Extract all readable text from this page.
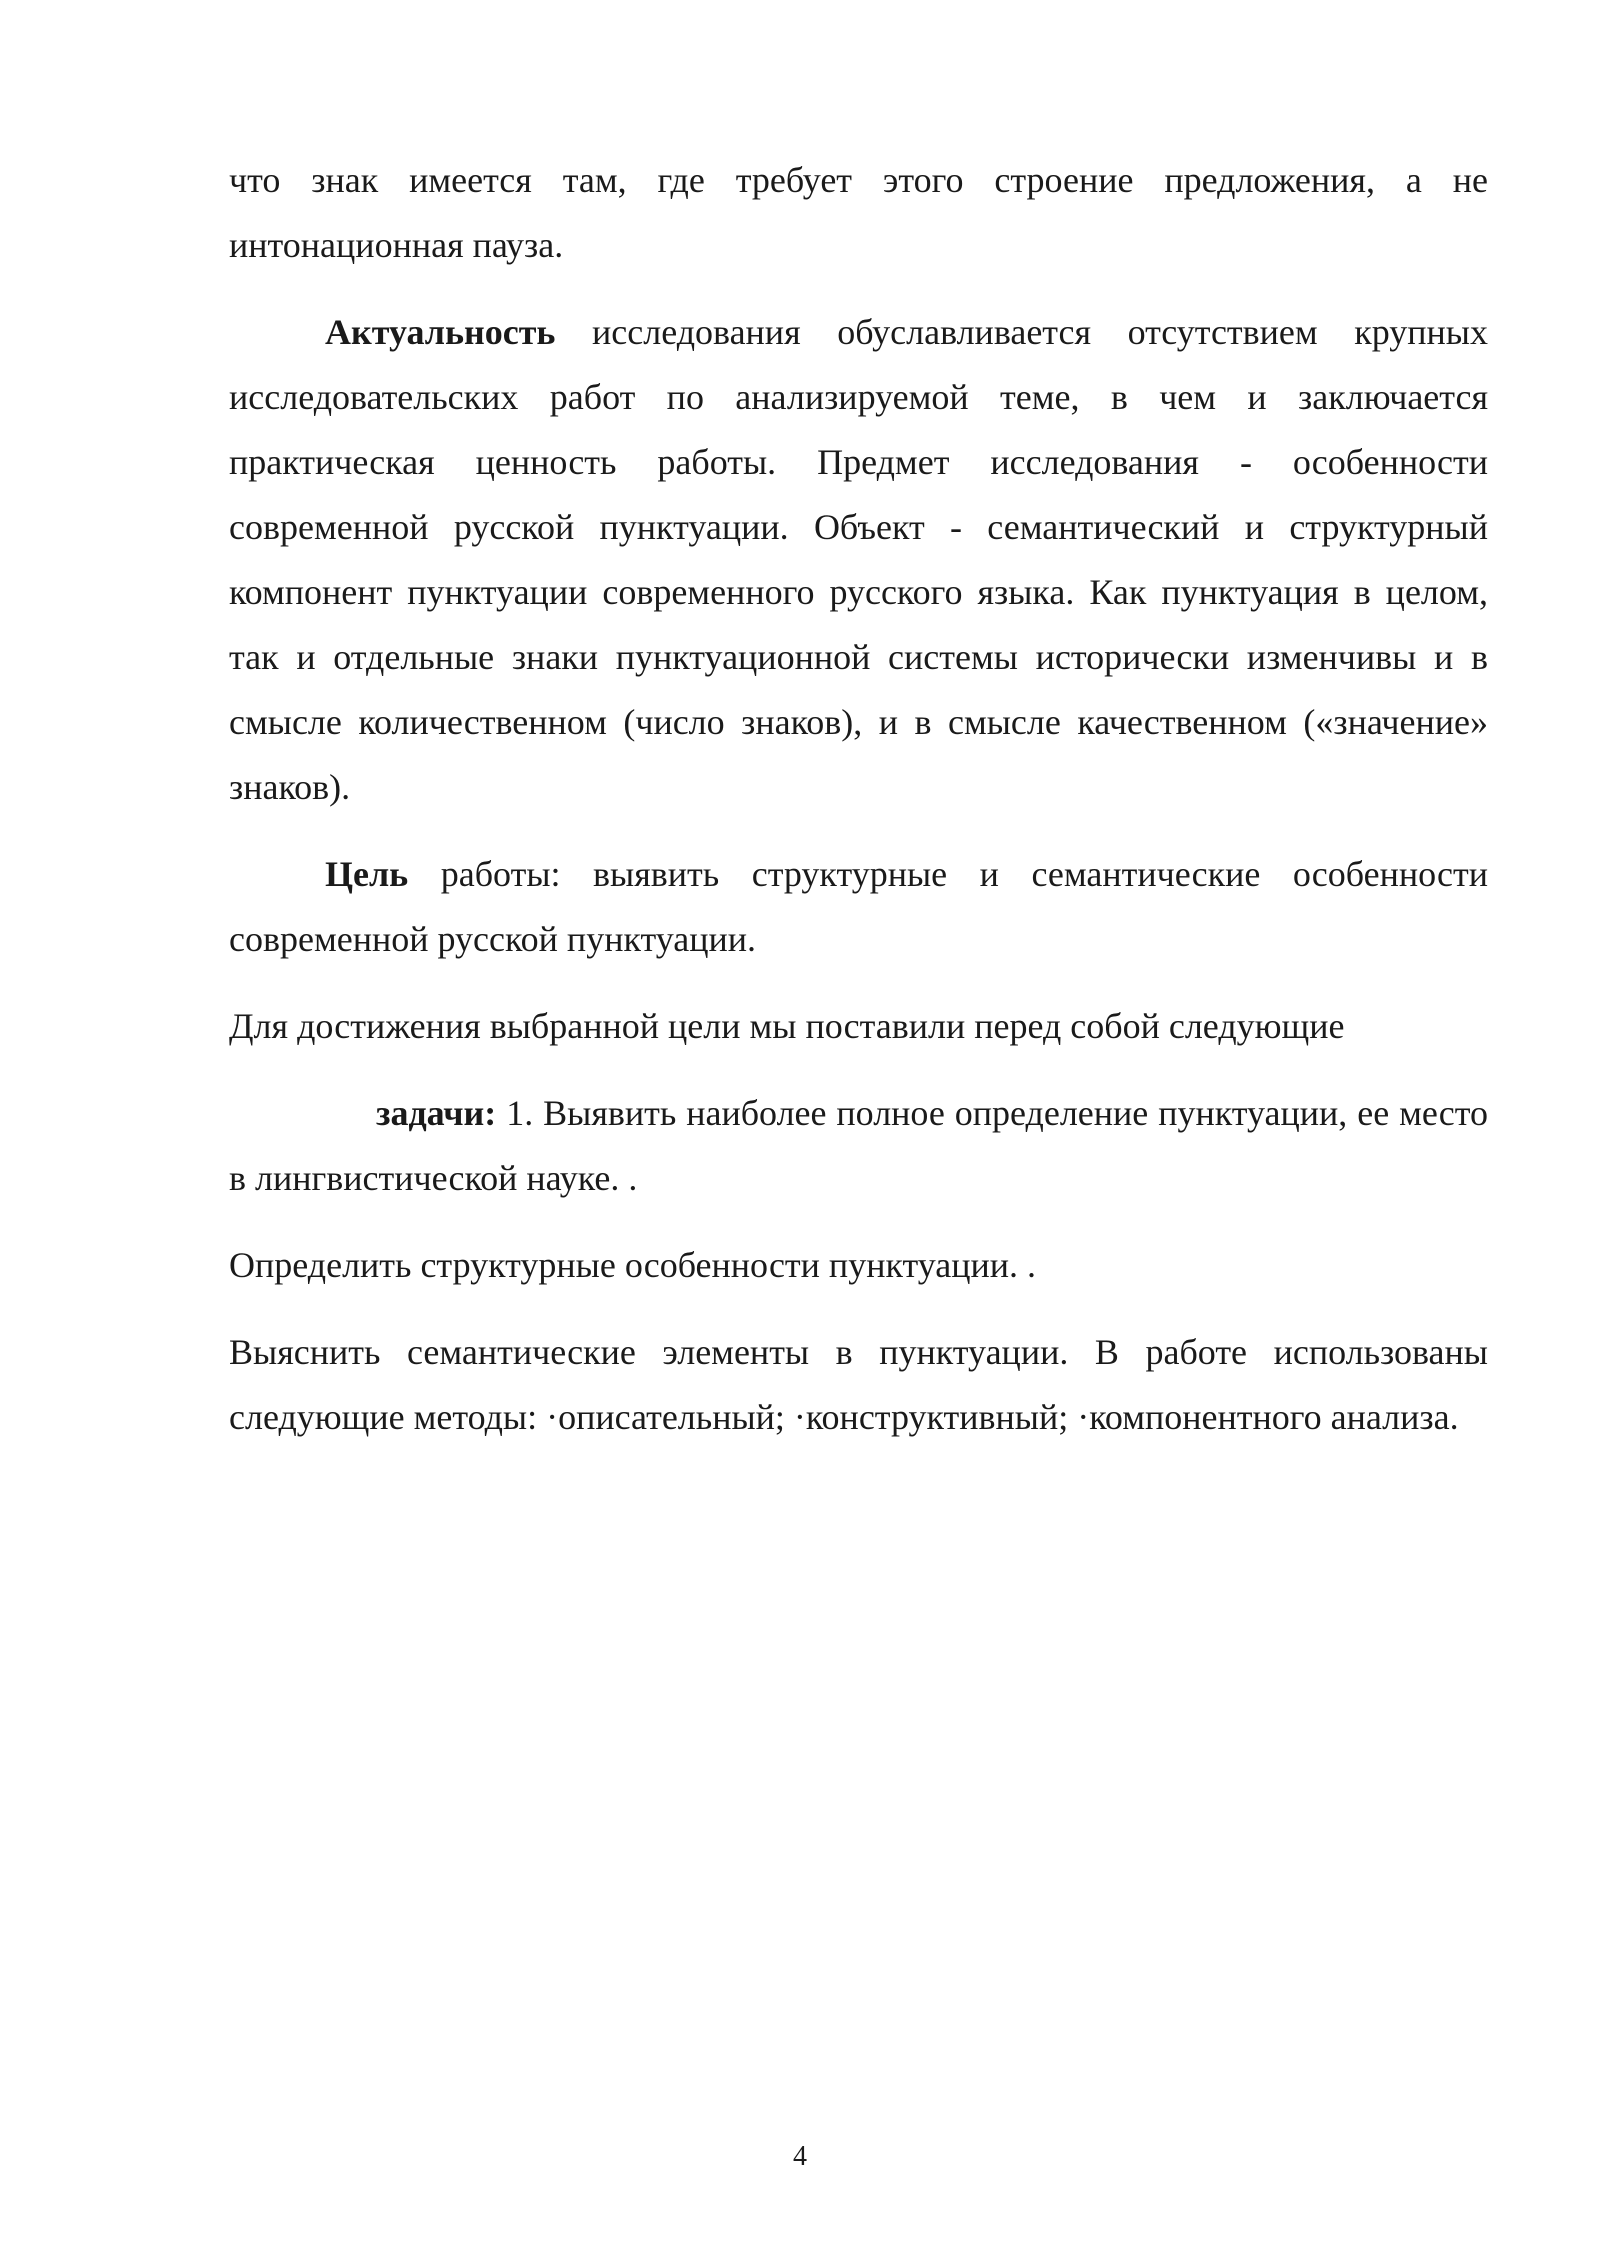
что знак имеется там, где требует этого строение предложения, а не интонационная пауза.

Актуальность исследования обуславливается отсутствием крупных исследовательских работ по анализируемой теме, в чем и заключается практическая ценность работы. Предмет исследования - особенности современной русской пунктуации. Объект - семантический и структурный компонент пунктуации современного русского языка. Как пунктуация в целом, так и отдельные знаки пунктуационной системы исторически изменчивы и в смысле количественном (число знаков), и в смысле качественном («значение» знаков).

Цель работы: выявить структурные и семантические особенности современной русской пунктуации.

Для достижения выбранной цели мы поставили перед собой следующие

задачи: 1. Выявить наиболее полное определение пунктуации, ее место в лингвистической науке. .

Определить структурные особенности пунктуации. .

Выяснить семантические элементы в пунктуации. В работе использованы следующие методы: ·описательный; ·конструктивный; ·компонентного анализа.

4
